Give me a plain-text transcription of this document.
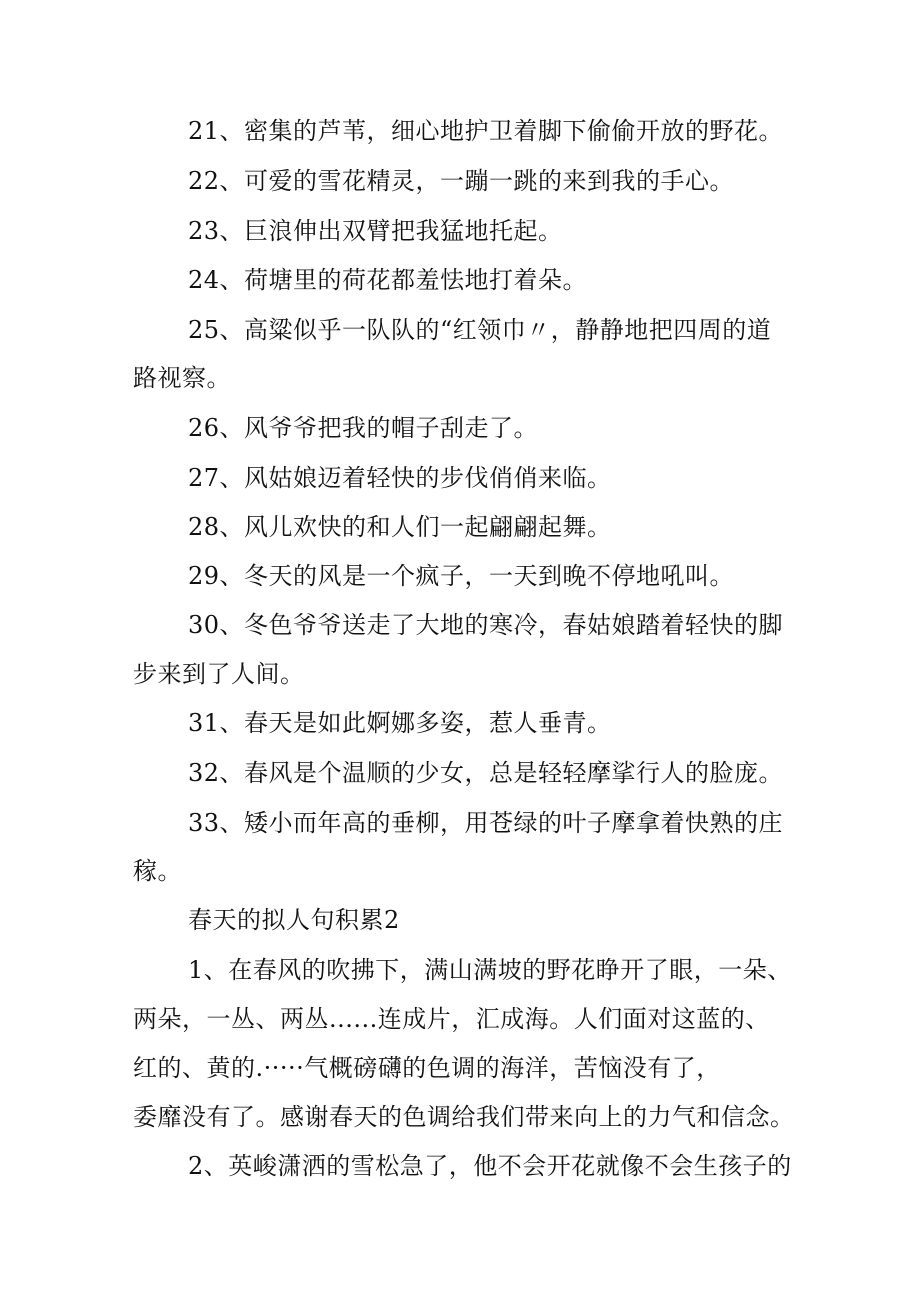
21、密集的芦苇，细心地护卫着脚下偷偷开放的野花。

22、可爱的雪花精灵，一蹦一跳的来到我的手心。

23、巨浪伸出双臂把我猛地托起。

24、荷塘里的荷花都羞怯地打着朵。

25、高粱似乎一队队的“红领巾〃，静静地把四周的道

路视察。

26、风爷爷把我的帽子刮走了。

27、风姑娘迈着轻快的步伐俏俏来临。

28、风儿欢快的和人们一起翩翩起舞。

29、冬天的风是一个疯子，一天到晚不停地吼叫。

30、冬色爷爷送走了大地的寒冷，春姑娘踏着轻快的脚

步来到了人间。

31、春天是如此婀娜多姿，惹人垂青。

32、春风是个温顺的少女，总是轻轻摩挲行人的脸庞。

33、矮小而年高的垂柳，用苍绿的叶子摩拿着快熟的庄

稼。

春天的拟人句积累2

1、在春风的吹拂下，满山满坡的野花睁开了眼，一朵、

两朵，一丛、两丛......连成片，汇成海。人们面对这蓝的、

红的、黄的.·····气概磅礴的色调的海洋，苦恼没有了，

委靡没有了。感谢春天的色调给我们带来向上的力气和信念。

2、英峻潇洒的雪松急了，他不会开花就像不会生孩子的
